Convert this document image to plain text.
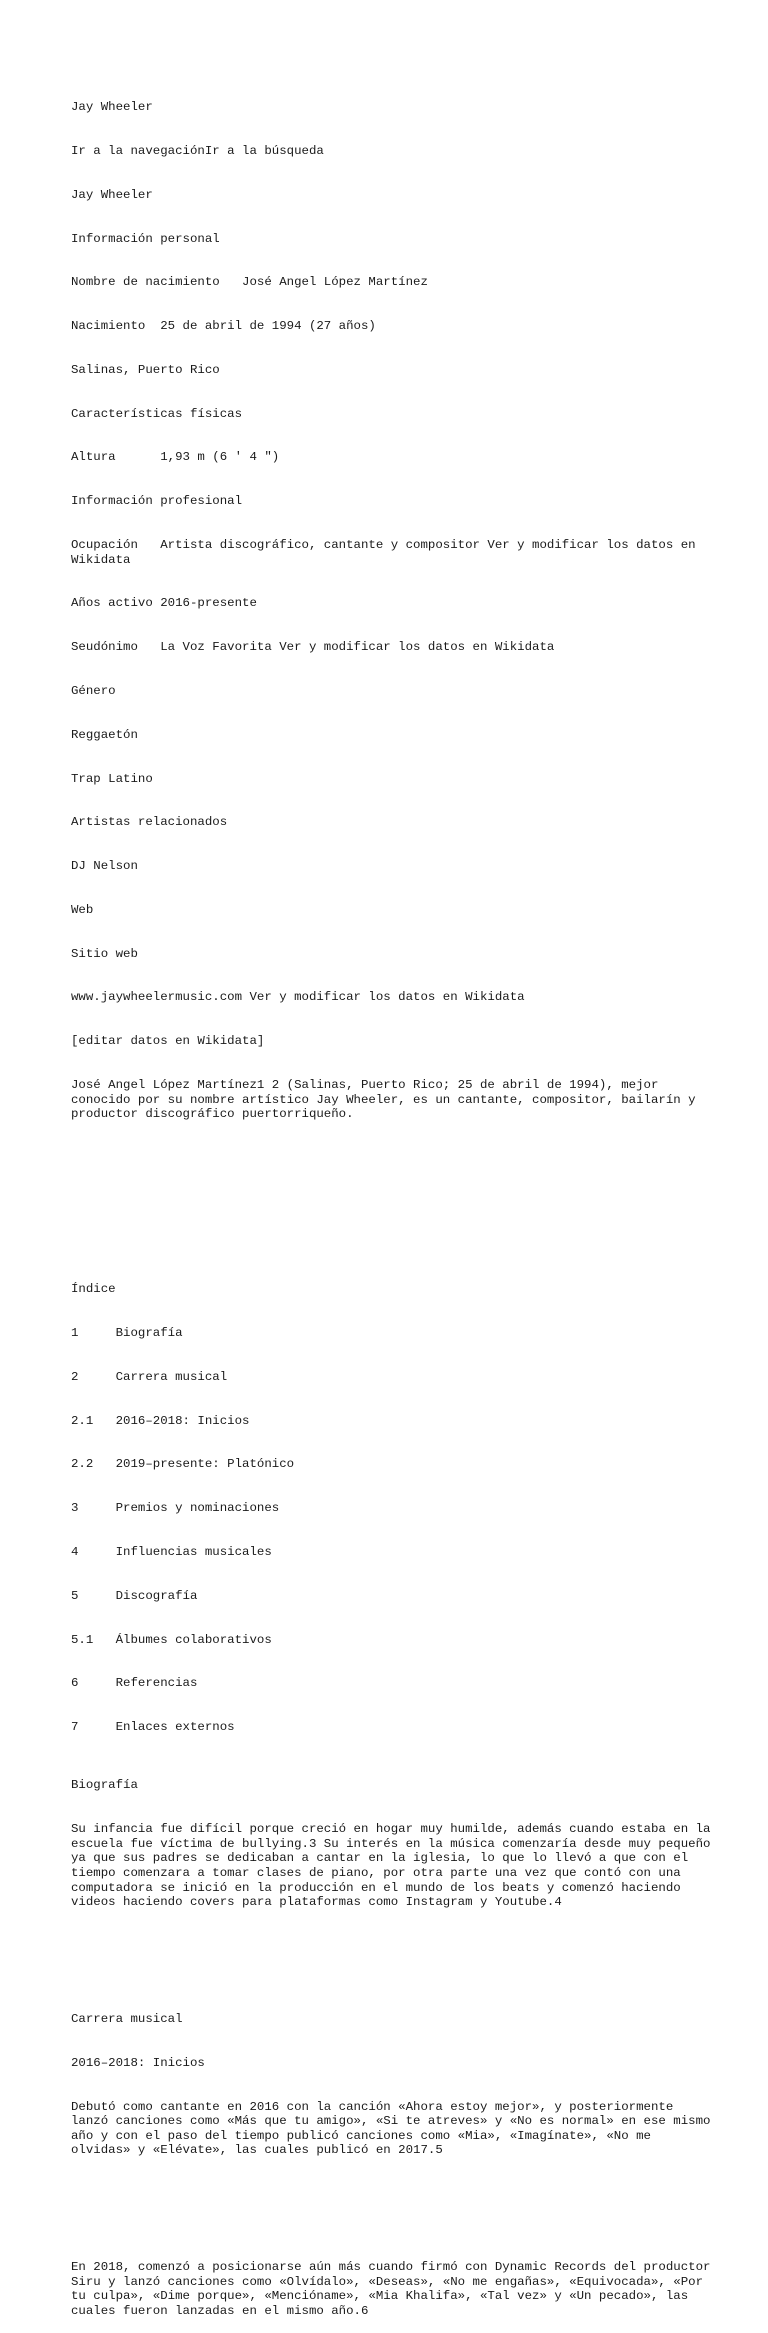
Jay Wheeler

Ir a la navegaciónIr a la búsqueda

Jay Wheeler

Información personal

Nombre de nacimiento   José Angel López Martínez

Nacimiento  25 de abril de 1994 (27 años)

Salinas, Puerto Rico

Características físicas

Altura      1,93 m (6 ' 4 ")

Información profesional

Ocupación   Artista discográfico, cantante y compositor Ver y modificar los datos en Wikidata

Años activo 2016-presente

Seudónimo   La Voz Favorita Ver y modificar los datos en Wikidata

Género

Reggaetón

Trap Latino

Artistas relacionados

DJ Nelson

Web

Sitio web

www.jaywheelermusic.com Ver y modificar los datos en Wikidata

[editar datos en Wikidata]

José Angel López Martínez1 2 (Salinas, Puerto Rico; 25 de abril de 1994), mejor conocido por su nombre artístico Jay Wheeler, es un cantante, compositor, bailarín y productor discográfico puertorriqueño.

Índice

1     Biografía

2     Carrera musical

2.1   2016–2018: Inicios

2.2   2019–presente: Platónico

3     Premios y nominaciones

4     Influencias musicales

5     Discografía

5.1   Álbumes colaborativos

6     Referencias

7     Enlaces externos

Biografía

Su infancia fue difícil porque creció en hogar muy humilde, además cuando estaba en la escuela fue víctima de bullying.3 Su interés en la música comenzaría desde muy pequeño ya que sus padres se dedicaban a cantar en la iglesia, lo que lo llevó a que con el tiempo comenzara a tomar clases de piano, por otra parte una vez que contó con una computadora se inició en la producción en el mundo de los beats y comenzó haciendo videos haciendo covers para plataformas como Instagram y Youtube.4

Carrera musical

2016–2018: Inicios

Debutó como cantante en 2016 con la canción «Ahora estoy mejor», y posteriormente lanzó canciones como «Más que tu amigo», «Si te atreves» y «No es normal» en ese mismo año y con el paso del tiempo publicó canciones como «Mia», «Imagínate», «No me olvidas» y «Elévate», las cuales publicó en 2017.5

En 2018, comenzó a posicionarse aún más cuando firmó con Dynamic Records del productor Siru y lanzó canciones como «Olvídalo», «Deseas», «No me engañas», «Equivocada», «Por tu culpa», «Dime porque», «Mencióname», «Mia Khalifa», «Tal vez» y «Un pecado», las cuales fueron lanzadas en el mismo año.6
